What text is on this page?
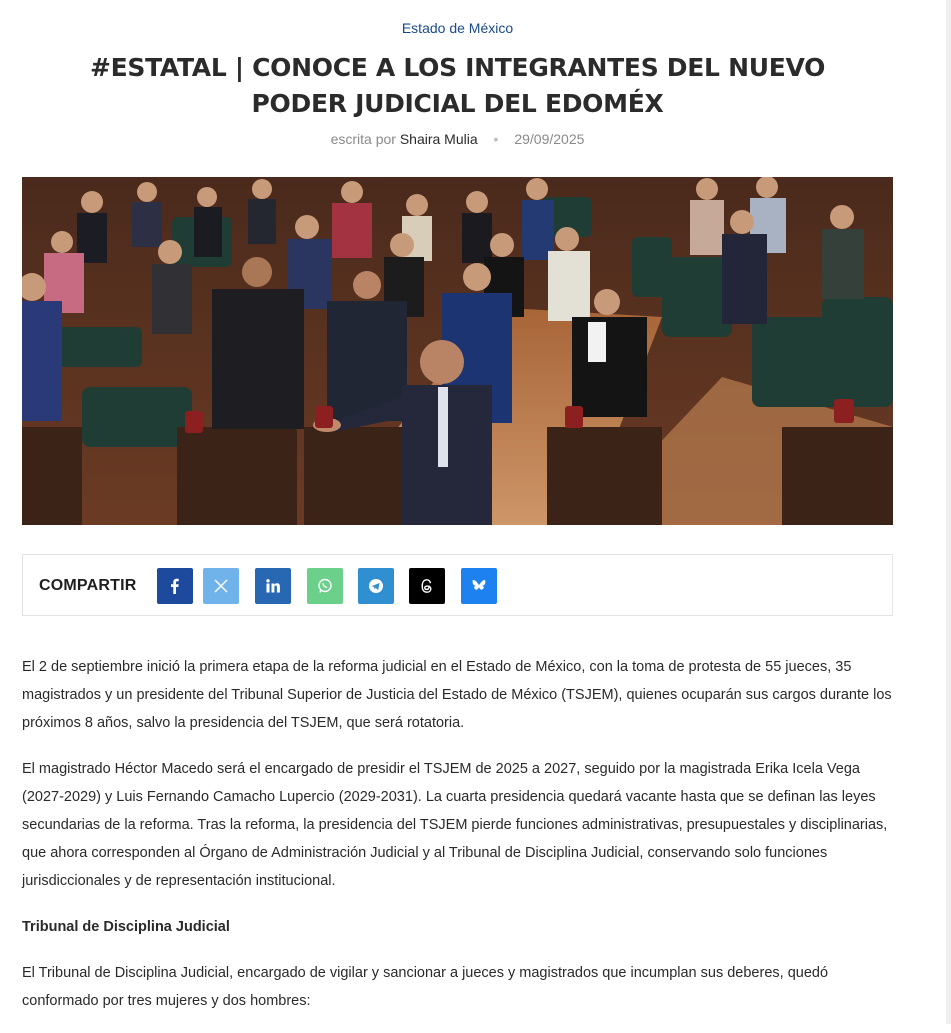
Estado de México
#ESTATAL | CONOCE A LOS INTEGRANTES DEL NUEVO PODER JUDICIAL DEL EDOMÉX
escrita por Shaira Mulia • 29/09/2025
COMPARTIR

El 2 de septiembre inició la primera etapa de la reforma judicial en el Estado de México, con la toma de protesta de 55 jueces, 35 magistrados y un presidente del Tribunal Superior de Justicia del Estado de México (TSJEM), quienes ocuparán sus cargos durante los próximos 8 años, salvo la presidencia del TSJEM, que será rotatoria.

El magistrado Héctor Macedo será el encargado de presidir el TSJEM de 2025 a 2027, seguido por la magistrada Erika Icela Vega (2027-2029) y Luis Fernando Camacho Lupercio (2029-2031). La cuarta presidencia quedará vacante hasta que se definan las leyes secundarias de la reforma. Tras la reforma, la presidencia del TSJEM pierde funciones administrativas, presupuestales y disciplinarias, que ahora corresponden al Órgano de Administración Judicial y al Tribunal de Disciplina Judicial, conservando solo funciones jurisdiccionales y de representación institucional.

Tribunal de Disciplina Judicial

El Tribunal de Disciplina Judicial, encargado de vigilar y sancionar a jueces y magistrados que incumplan sus deberes, quedó conformado por tres mujeres y dos hombres:
